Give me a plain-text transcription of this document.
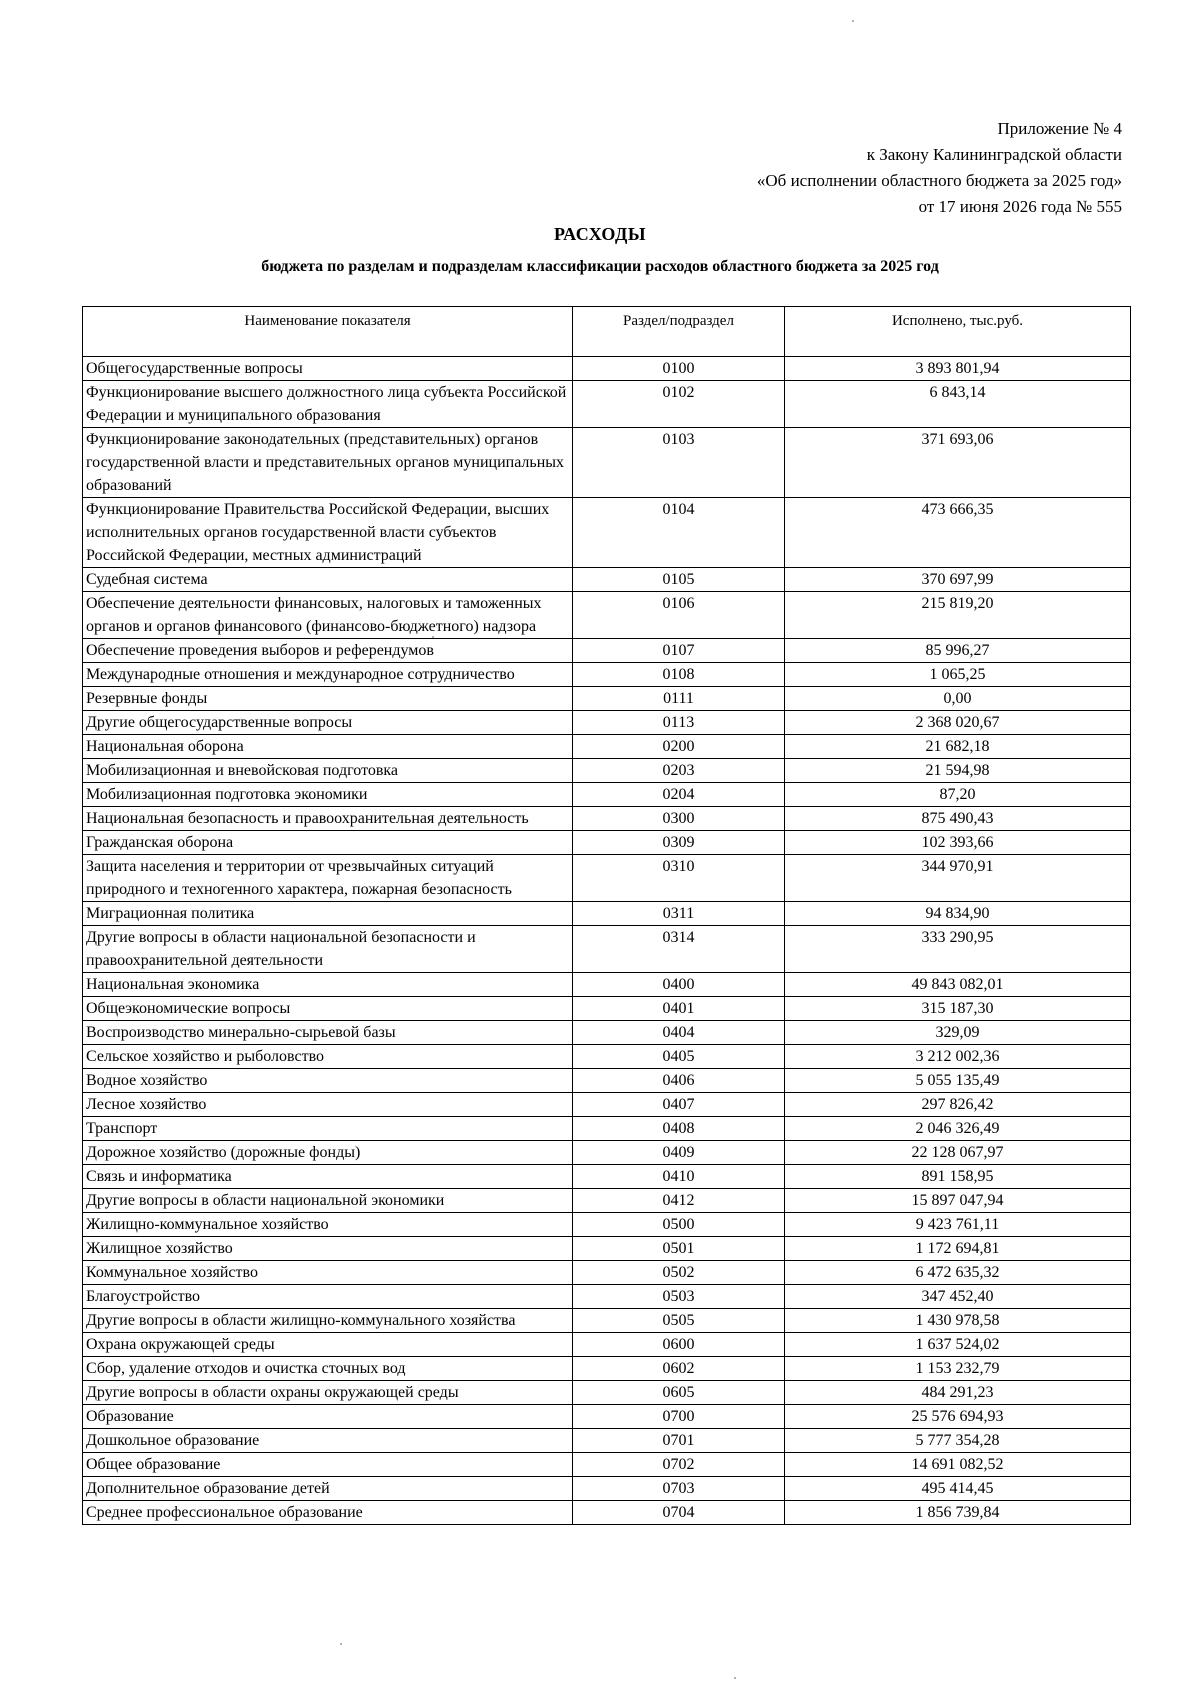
Приложение № 4
к Закону Калининградской области
«Об исполнении областного бюджета за 2025 год»
от 17 июня 2026 года № 555
РАСХОДЫ
бюджета по разделам и подразделам классификации расходов областного бюджета за 2025 год
Наименование показателя	Раздел/подраздел	Исполнено, тыс.руб.
Общегосударственные вопросы	0100	3 893 801,94
Функционирование высшего должностного лица субъекта Российской Федерации и муниципального образования	0102	6 843,14
Функционирование законодательных (представительных) органов государственной власти и представительных органов муниципальных образований	0103	371 693,06
Функционирование Правительства Российской Федерации, высших исполнительных органов государственной власти субъектов Российской Федерации, местных администраций	0104	473 666,35
Судебная система	0105	370 697,99
Обеспечение деятельности финансовых, налоговых и таможенных органов и органов финансового (финансово-бюджетного) надзора	0106	215 819,20
Обеспечение проведения выборов и референдумов	0107	85 996,27
Международные отношения и международное сотрудничество	0108	1 065,25
Резервные фонды	0111	0,00
Другие общегосударственные вопросы	0113	2 368 020,67
Национальная оборона	0200	21 682,18
Мобилизационная и вневойсковая подготовка	0203	21 594,98
Мобилизационная подготовка экономики	0204	87,20
Национальная безопасность и правоохранительная деятельность	0300	875 490,43
Гражданская оборона	0309	102 393,66
Защита населения и территории от чрезвычайных ситуаций природного и техногенного характера, пожарная безопасность	0310	344 970,91
Миграционная политика	0311	94 834,90
Другие вопросы в области национальной безопасности и правоохранительной деятельности	0314	333 290,95
Национальная экономика	0400	49 843 082,01
Общеэкономические вопросы	0401	315 187,30
Воспроизводство минерально-сырьевой базы	0404	329,09
Сельское хозяйство и рыболовство	0405	3 212 002,36
Водное хозяйство	0406	5 055 135,49
Лесное хозяйство	0407	297 826,42
Транспорт	0408	2 046 326,49
Дорожное хозяйство (дорожные фонды)	0409	22 128 067,97
Связь и информатика	0410	891 158,95
Другие вопросы в области национальной экономики	0412	15 897 047,94
Жилищно-коммунальное хозяйство	0500	9 423 761,11
Жилищное хозяйство	0501	1 172 694,81
Коммунальное хозяйство	0502	6 472 635,32
Благоустройство	0503	347 452,40
Другие вопросы в области жилищно-коммунального хозяйства	0505	1 430 978,58
Охрана окружающей среды	0600	1 637 524,02
Сбор, удаление отходов и очистка сточных вод	0602	1 153 232,79
Другие вопросы в области охраны окружающей среды	0605	484 291,23
Образование	0700	25 576 694,93
Дошкольное образование	0701	5 777 354,28
Общее образование	0702	14 691 082,52
Дополнительное образование детей	0703	495 414,45
Среднее профессиональное образование	0704	1 856 739,84
